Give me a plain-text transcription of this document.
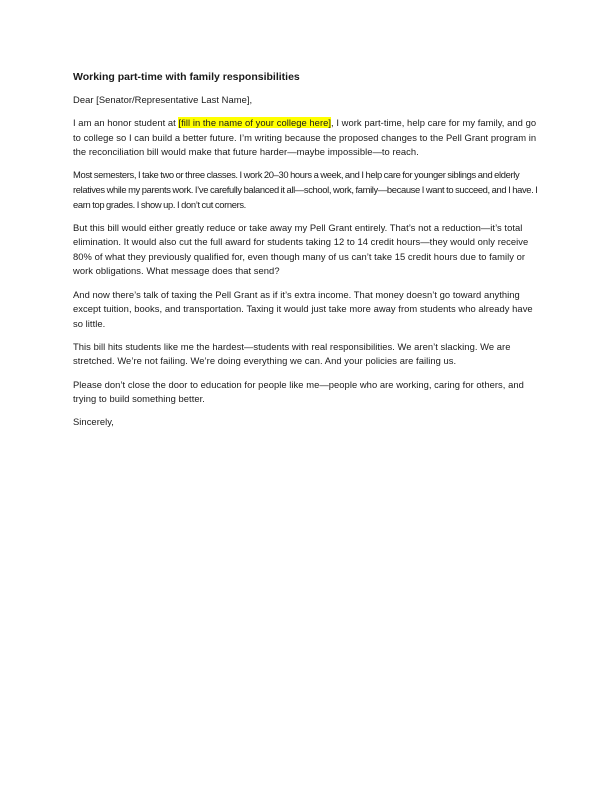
Working part-time with family responsibilities

Dear [Senator/Representative Last Name],

I am an honor student at [fill in the name of your college here], I work part-time, help care for my family, and go to college so I can build a better future. I’m writing because the proposed changes to the Pell Grant program in the reconciliation bill would make that future harder—maybe impossible—to reach.

Most semesters, I take two or three classes. I work 20–30 hours a week, and I help care for younger siblings and elderly relatives while my parents work. I’ve carefully balanced it all—school, work, family—because I want to succeed, and I have. I earn top grades. I show up. I don’t cut corners.

But this bill would either greatly reduce or take away my Pell Grant entirely. That’s not a reduction—it’s total elimination. It would also cut the full award for students taking 12 to 14 credit hours—they would only receive 80% of what they previously qualified for, even though many of us can’t take 15 credit hours due to family or work obligations. What message does that send?

And now there’s talk of taxing the Pell Grant as if it’s extra income. That money doesn’t go toward anything except tuition, books, and transportation. Taxing it would just take more away from students who already have so little.

This bill hits students like me the hardest—students with real responsibilities. We aren’t slacking. We are stretched. We’re not failing. We’re doing everything we can. And your policies are failing us.

Please don’t close the door to education for people like me—people who are working, caring for others, and trying to build something better.

Sincerely,
